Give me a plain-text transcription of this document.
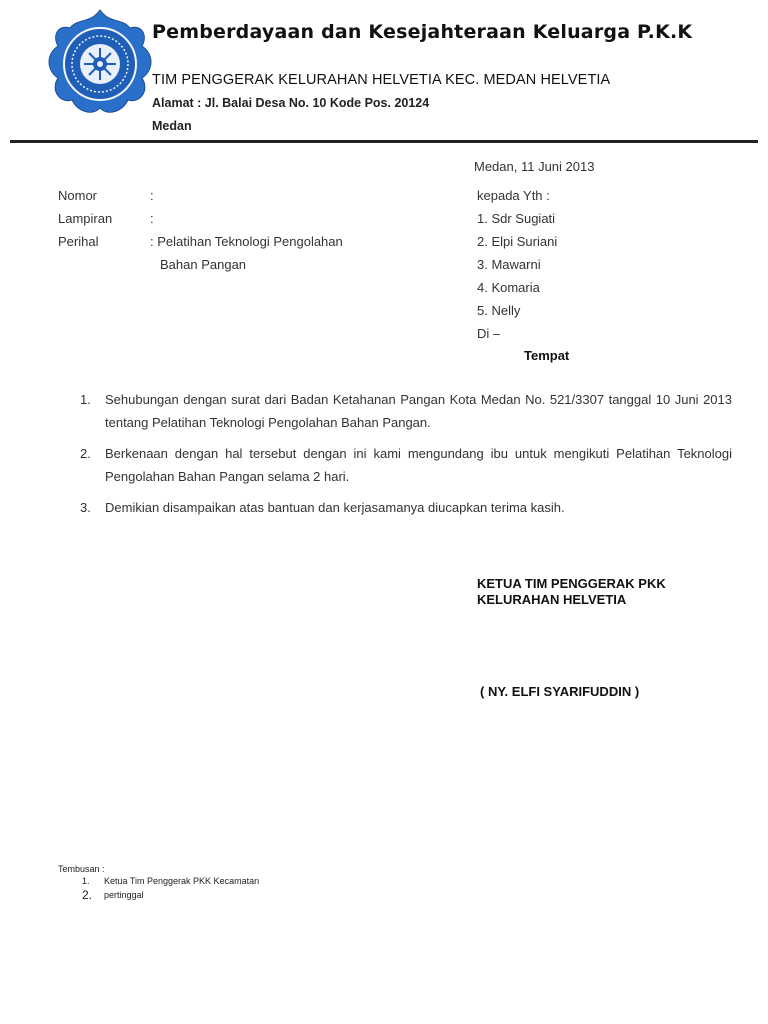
Pemberdayaan dan Kesejahteraan Keluarga P.K.K
TIM PENGGERAK KELURAHAN HELVETIA KEC. MEDAN HELVETIA
Alamat : Jl. Balai Desa No. 10 Kode Pos. 20124
Medan
Medan, 11 Juni 2013
Nomor	:
Lampiran	:
Perihal	: Pelatihan Teknologi Pengolahan
Bahan Pangan
kepada Yth :
1. Sdr Sugiati
2. Elpi Suriani
3. Mawarni
4. Komaria
5. Nelly
Di –
Tempat
1. Sehubungan dengan surat dari Badan Ketahanan Pangan Kota Medan No. 521/3307 tanggal 10 Juni 2013 tentang Pelatihan Teknologi Pengolahan Bahan Pangan.
2. Berkenaan dengan hal tersebut dengan ini kami mengundang ibu untuk mengikuti Pelatihan Teknologi Pengolahan Bahan Pangan selama 2 hari.
3. Demikian disampaikan atas bantuan dan kerjasamanya diucapkan terima kasih.
KETUA TIM PENGGERAK PKK
KELURAHAN HELVETIA
( NY. ELFI SYARIFUDDIN )
Tembusan :
1. Ketua Tim Penggerak PKK Kecamatan
2. pertinggal
